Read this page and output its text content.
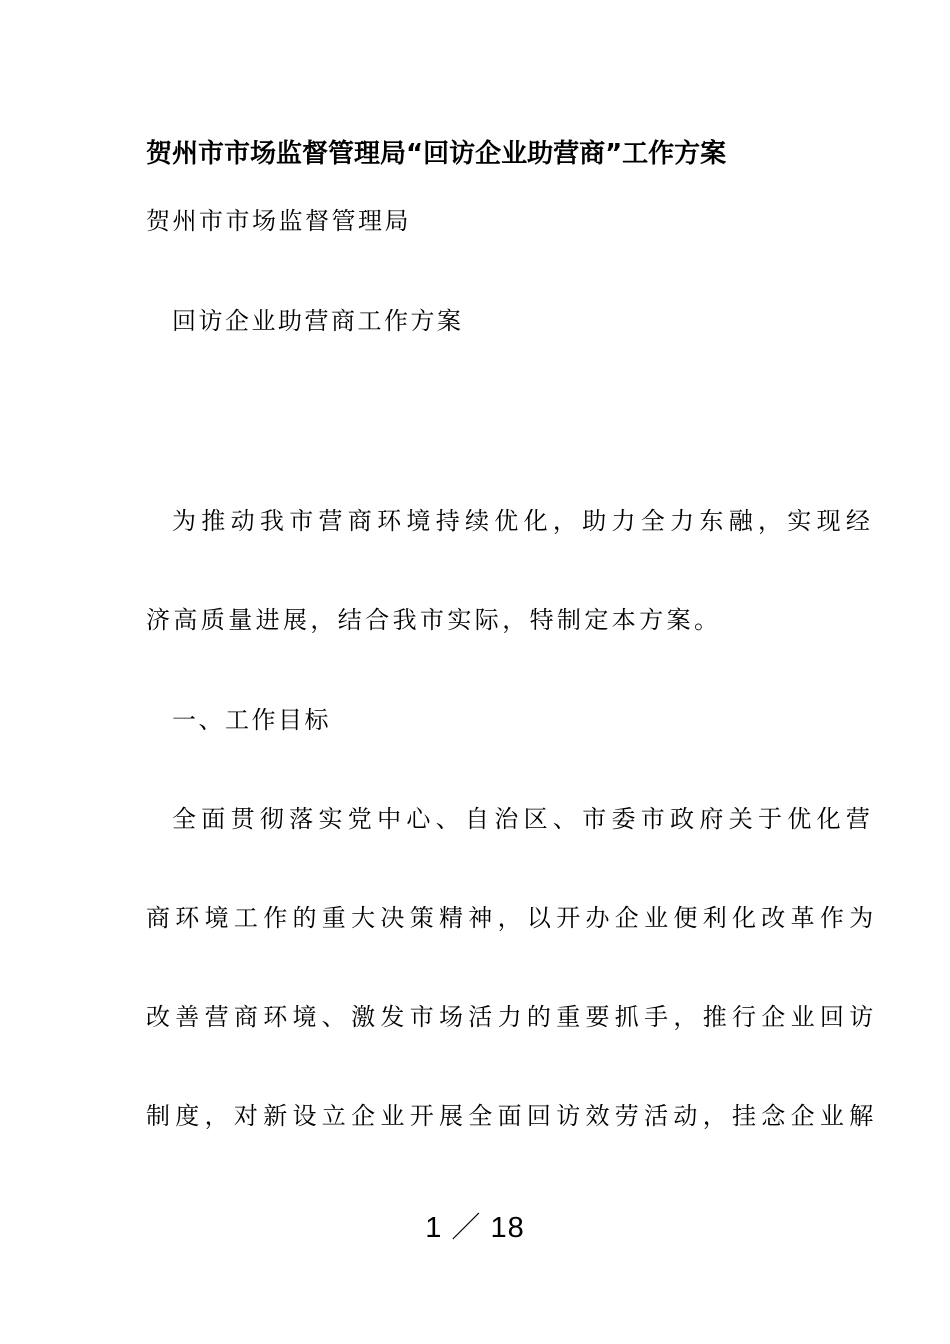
贺州市市场监督管理局“回访企业助营商”工作方案
贺州市市场监督管理局
回访企业助营商工作方案
为推动我市营商环境持续优化，助力全力东融，实现经
济高质量进展，结合我市实际，特制定本方案。
一、工作目标
全面贯彻落实党中心、自治区、市委市政府关于优化营
商环境工作的重大决策精神，以开办企业便利化改革作为
改善营商环境、激发市场活力的重要抓手，推行企业回访
制度，对新设立企业开展全面回访效劳活动，挂念企业解
1 ／ 18
